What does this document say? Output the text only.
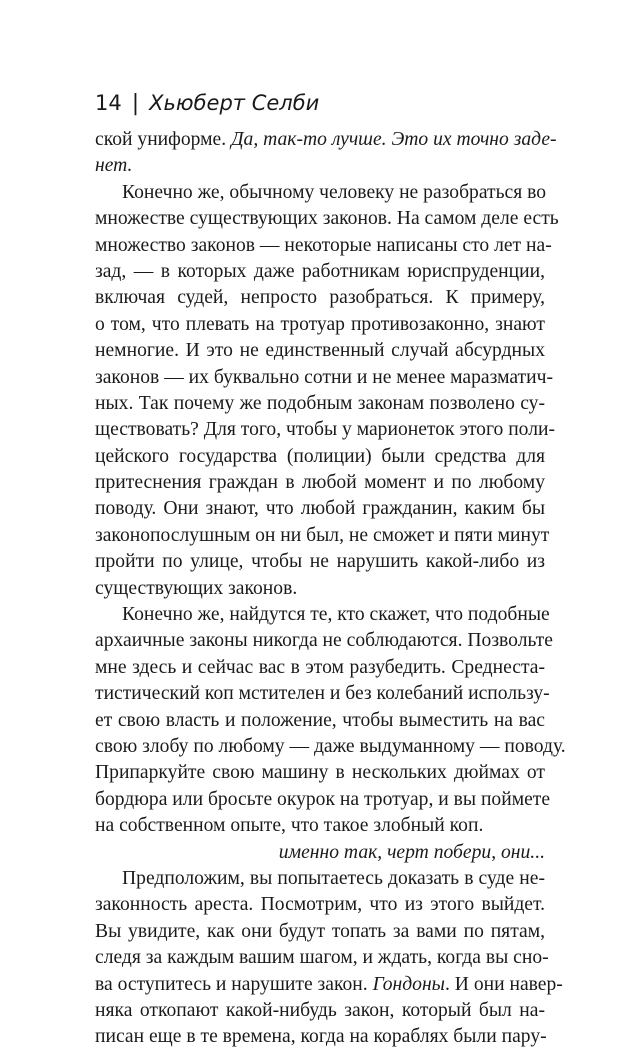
14 | Хьюберт Селби
ской униформе. Да, так-то лучше. Это их точно заде-
нет.
Конечно же, обычному человеку не разобраться во
множестве существующих законов. На самом деле есть
множество законов — некоторые написаны сто лет на-
зад, — в которых даже работникам юриспруденции,
включая судей, непросто разобраться. К примеру,
о том, что плевать на тротуар противозаконно, знают
немногие. И это не единственный случай абсурдных
законов — их буквально сотни и не менее маразматич-
ных. Так почему же подобным законам позволено су-
ществовать? Для того, чтобы у марионеток этого поли-
цейского государства (полиции) были средства для
притеснения граждан в любой момент и по любому
поводу. Они знают, что любой гражданин, каким бы
законопослушным он ни был, не сможет и пяти минут
пройти по улице, чтобы не нарушить какой-либо из
существующих законов.
Конечно же, найдутся те, кто скажет, что подобные
архаичные законы никогда не соблюдаются. Позвольте
мне здесь и сейчас вас в этом разубедить. Среднеста-
тистический коп мстителен и без колебаний использу-
ет свою власть и положение, чтобы выместить на вас
свою злобу по любому — даже выдуманному — поводу.
Припаркуйте свою машину в нескольких дюймах от
бордюра или бросьте окурок на тротуар, и вы поймете
на собственном опыте, что такое злобный коп.
именно так, черт побери, они...
Предположим, вы попытаетесь доказать в суде не-
законность ареста. Посмотрим, что из этого выйдет.
Вы увидите, как они будут топать за вами по пятам,
следя за каждым вашим шагом, и ждать, когда вы сно-
ва оступитесь и нарушите закон. Гондоны. И они навер-
няка откопают какой-нибудь закон, который был на-
писан еще в те времена, когда на кораблях были пару-
